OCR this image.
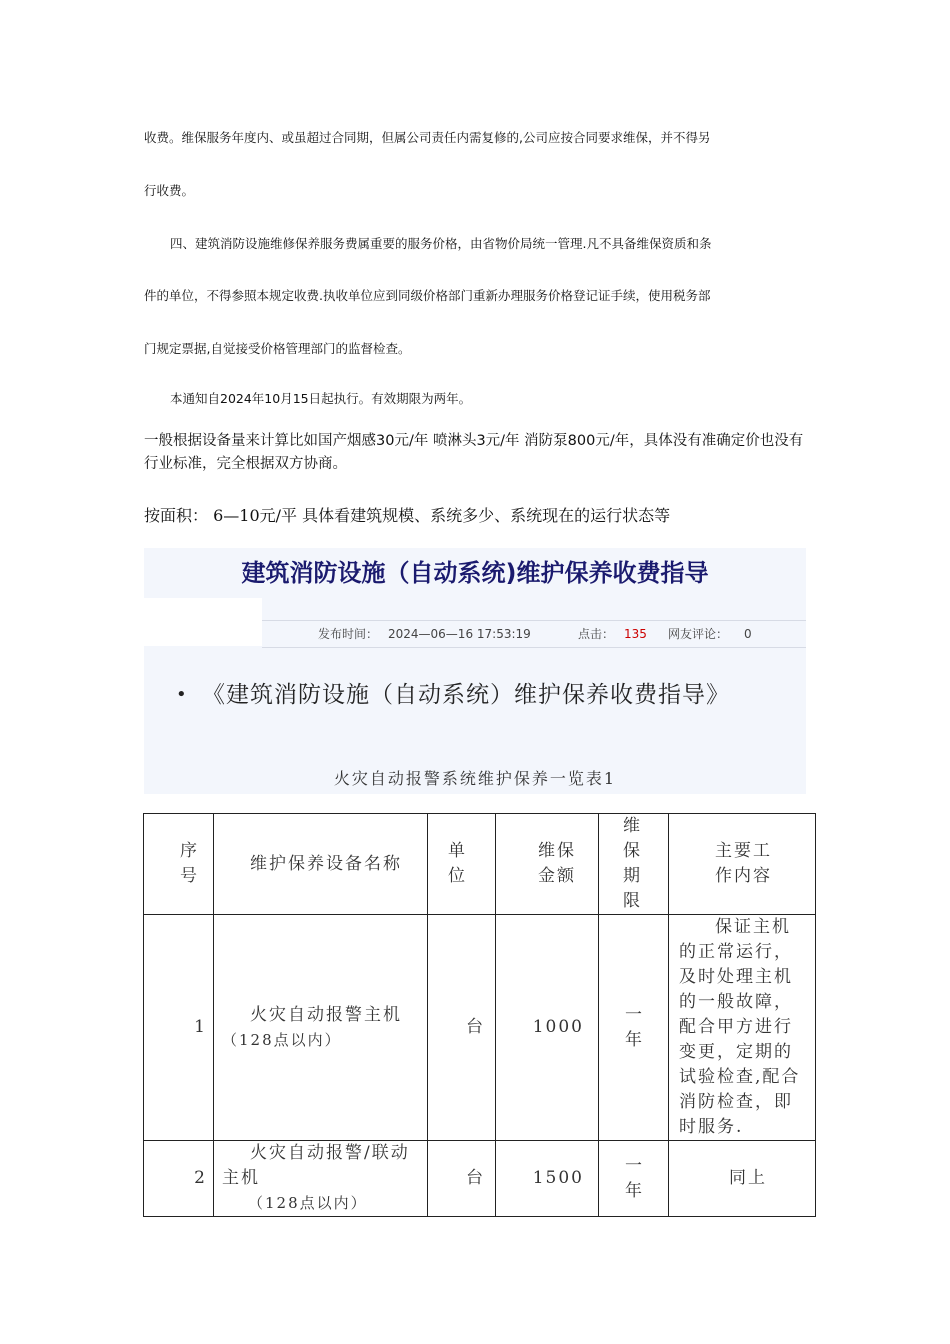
收费。维保服务年度内、或虽超过合同期，但属公司责任内需复修的,公司应按合同要求维保，并不得另

行收费。

四、建筑消防设施维修保养服务费属重要的服务价格，由省物价局统一管理.凡不具备维保资质和条

件的单位，不得参照本规定收费.执收单位应到同级价格部门重新办理服务价格登记证手续，使用税务部

门规定票据,自觉接受价格管理部门的监督检查。

本通知自2024年10月15日起执行。有效期限为两年。

一般根据设备量来计算比如国产烟感30元/年 喷淋头3元/年 消防泵800元/年，具体没有准确定价也没有行业标准，完全根据双方协商。

按面积： 6—10元/平 具体看建筑规模、系统多少、系统现在的运行状态等

建筑消防设施（自动系统)维护保养收费指导
发布时间： 2024—06—16 17:53:19	点击： 135 网友评论： 0
• 《建筑消防设施（自动系统）维护保养收费指导》
火灾自动报警系统维护保养一览表1
序号	维护保养设备名称	单位	维保金额	维保期限	主要工作内容
1	火灾自动报警主机
（128点以内）	台	1000	一年	保证主机的正常运行，及时处理主机的一般故障，配合甲方进行变更，定期的试验检查,配合消防检查，即时服务.
2	火灾自动报警/联动主机
（128点以内）	台	1500	一年	同上
